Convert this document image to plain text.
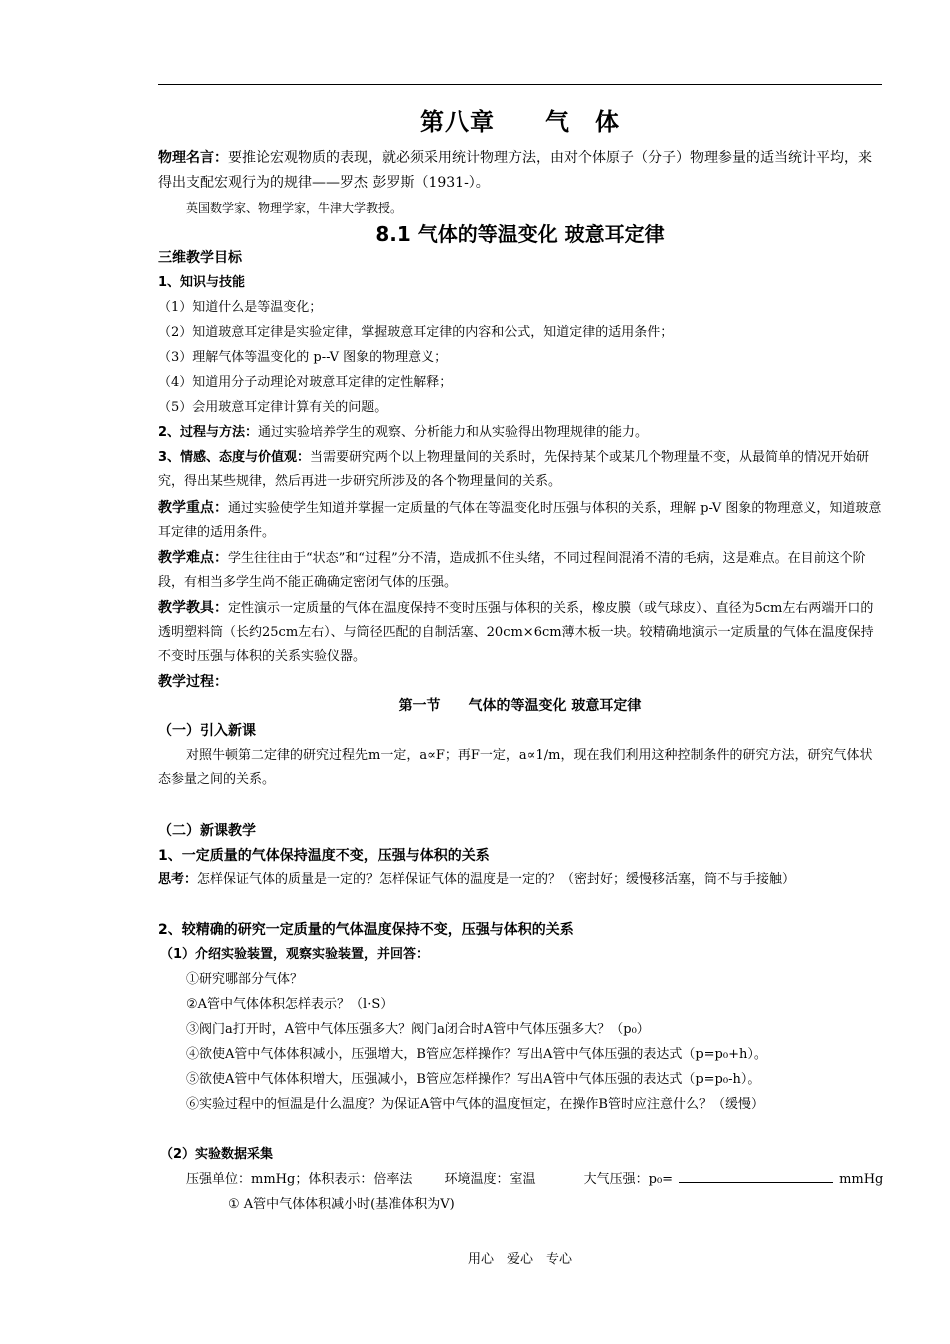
第八章　　气　体
物理名言：要推论宏观物质的表现，就必须采用统计物理方法，由对个体原子（分子）物理参量的适当统计平均，来得出支配宏观行为的规律——罗杰 彭罗斯（1931-）。
英国数学家、物理学家，牛津大学教授。
8.1 气体的等温变化 玻意耳定律
三维教学目标
1、知识与技能
（1）知道什么是等温变化；
（2）知道玻意耳定律是实验定律，掌握玻意耳定律的内容和公式，知道定律的适用条件；
（3）理解气体等温变化的 p--V 图象的物理意义；
（4）知道用分子动理论对玻意耳定律的定性解释；
（5）会用玻意耳定律计算有关的问题。
2、过程与方法：通过实验培养学生的观察、分析能力和从实验得出物理规律的能力。
3、情感、态度与价值观：当需要研究两个以上物理量间的关系时，先保持某个或某几个物理量不变，从最简单的情况开始研究，得出某些规律，然后再进一步研究所涉及的各个物理量间的关系。
教学重点：通过实验使学生知道并掌握一定质量的气体在等温变化时压强与体积的关系，理解 p-V 图象的物理意义，知道玻意耳定律的适用条件。
教学难点：学生往往由于“状态”和“过程”分不清，造成抓不住头绪，不同过程间混淆不清的毛病，这是难点。在目前这个阶段，有相当多学生尚不能正确确定密闭气体的压强。
教学教具：定性演示一定质量的气体在温度保持不变时压强与体积的关系，橡皮膜（或气球皮）、直径为5cm左右两端开口的透明塑料筒（长约25cm左右）、与筒径匹配的自制活塞、20cm×6cm薄木板一块。较精确地演示一定质量的气体在温度保持不变时压强与体积的关系实验仪器。
教学过程：
第一节　　气体的等温变化 玻意耳定律
（一）引入新课
对照牛顿第二定律的研究过程先m一定，a∝F；再F一定，a∝1/m，现在我们利用这种控制条件的研究方法，研究气体状态参量之间的关系。
（二）新课教学
1、一定质量的气体保持温度不变，压强与体积的关系
思考：怎样保证气体的质量是一定的？怎样保证气体的温度是一定的？（密封好；缓慢移活塞，筒不与手接触）
2、较精确的研究一定质量的气体温度保持不变，压强与体积的关系
（1）介绍实验装置，观察实验装置，并回答：
①研究哪部分气体？
②A管中气体体积怎样表示？（l·S）
③阀门a打开时，A管中气体压强多大？阀门a闭合时A管中气体压强多大？（p₀）
④欲使A管中气体体积减小，压强增大，B管应怎样操作？写出A管中气体压强的表达式（p=p₀+h）。
⑤欲使A管中气体体积增大，压强减小，B管应怎样操作？写出A管中气体压强的表达式（p=p₀-h）。
⑥实验过程中的恒温是什么温度？为保证A管中气体的温度恒定，在操作B管时应注意什么？（缓慢）
（2）实验数据采集
压强单位：mmHg；体积表示：倍率法 环境温度：室温	大气压强：p₀=	mmHg
① A管中气体体积减小时(基准体积为V)
用心　爱心　专心
